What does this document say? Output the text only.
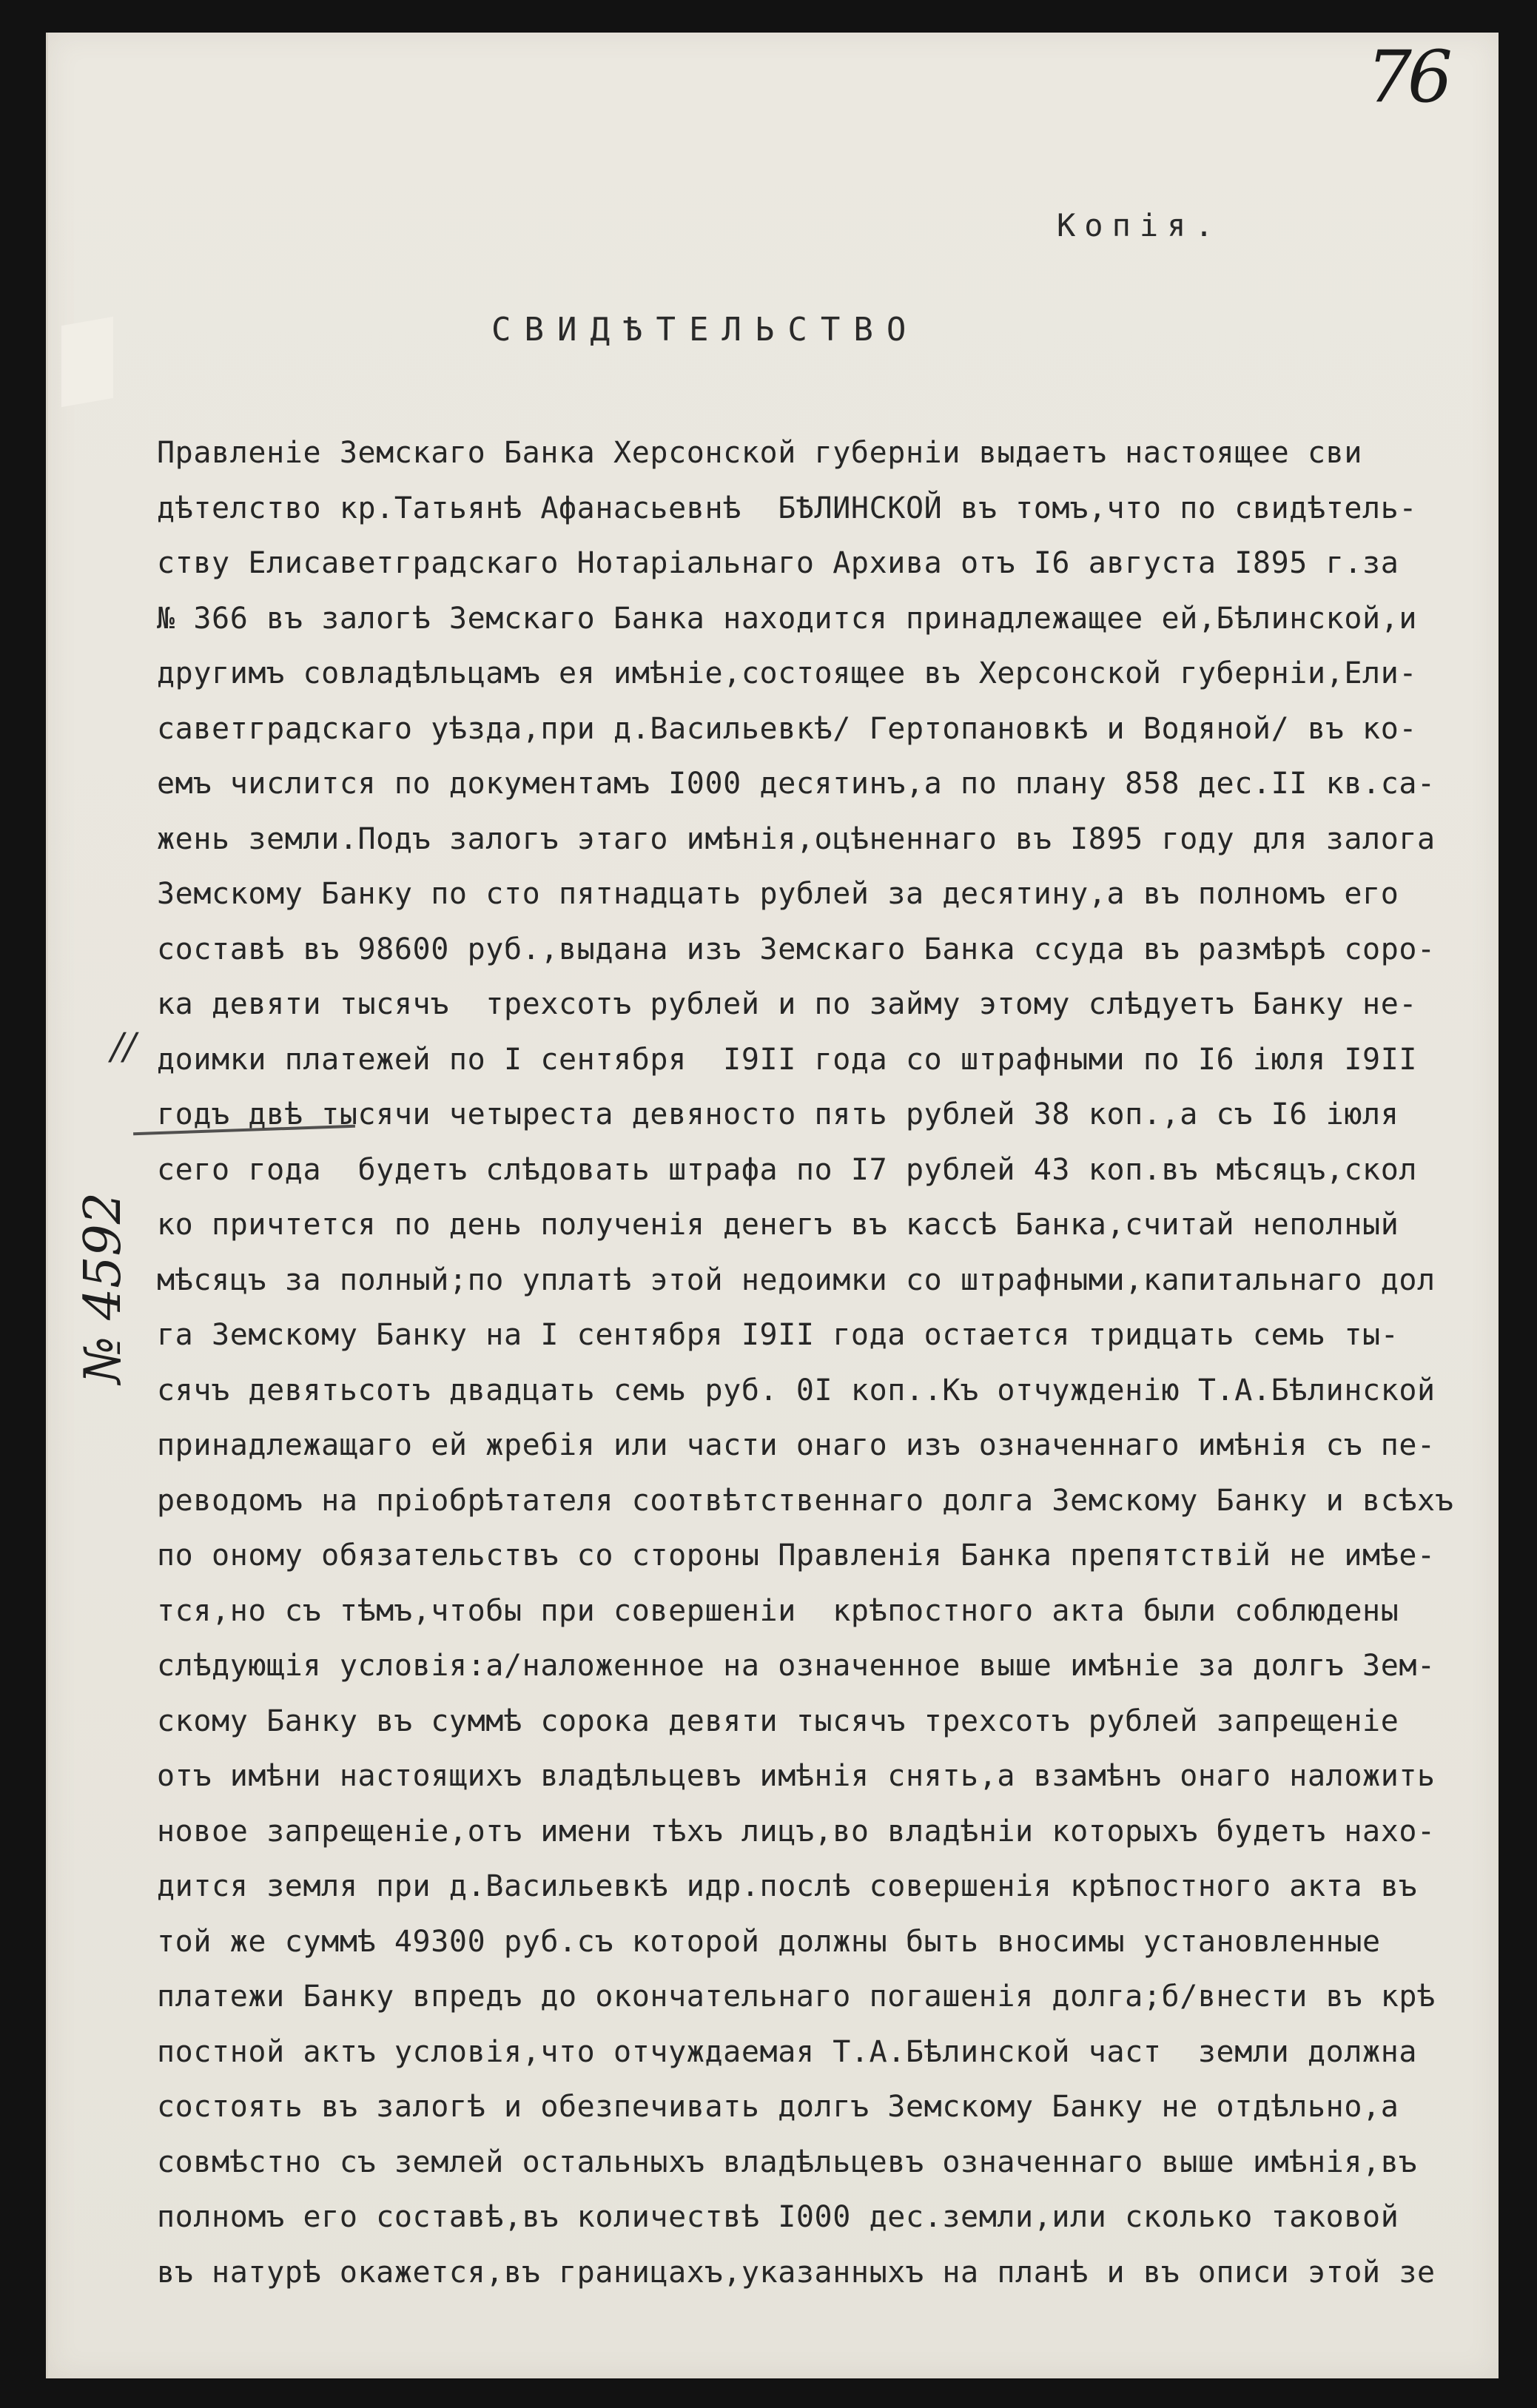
76
Копія.
СВИДѢТЕЛЬСТВО
//
№ 4592
Правленіе Земскаго Банка Херсонской губерніи выдаетъ настоящее сви
дѣтелство кр.Татьянѣ Афанасьевнѣ  БѢЛИНСКОЙ въ томъ,что по свидѣтель-
ству Елисаветградскаго Нотаріальнаго Архива отъ I6 августа I895 г.за
№ 366 въ залогѣ Земскаго Банка находится принадлежащее ей,Бѣлинской,и
другимъ совладѣльцамъ ея имѣніе,состоящее въ Херсонской губерніи,Ели-
саветградскаго уѣзда,при д.Васильевкѣ/ Гертопановкѣ и Водяной/ въ ко-
емъ числится по документамъ I000 десятинъ,а по плану 858 дес.II кв.са-
жень земли.Подъ залогъ этаго имѣнія,оцѣненнаго въ I895 году для залога
Земскому Банку по сто пятнадцать рублей за десятину,а въ полномъ его
составѣ въ 98600 руб.,выдана изъ Земскаго Банка ссуда въ размѣрѣ соро-
ка девяти тысячъ  трехсотъ рублей и по займу этому слѣдуетъ Банку не-
доимки платежей по I сентября  I9II года со штрафными по I6 іюля I9II
годъ двѣ тысячи четыреста девяносто пять рублей 38 коп.,а съ I6 іюля
сего года  будетъ слѣдовать штрафа по I7 рублей 43 коп.въ мѣсяцъ,скол
ко причтется по день полученія денегъ въ кассѣ Банка,считай неполный
мѣсяцъ за полный;по уплатѣ этой недоимки со штрафными,капитальнаго дол
га Земскому Банку на I сентября I9II года остается тридцать семь ты-
сячъ девятьсотъ двадцать семь руб. 0I коп..Къ отчужденію Т.А.Бѣлинской
принадлежащаго ей жребія или части онаго изъ означеннаго имѣнія съ пе-
реводомъ на пріобрѣтателя соотвѣтственнаго долга Земскому Банку и всѣхъ
по оному обязательствъ со стороны Правленія Банка препятствій не имѣе-
тся,но съ тѣмъ,чтобы при совершеніи  крѣпостного акта были соблюдены
слѣдующія условія:а/наложенное на означенное выше имѣніе за долгъ Зем-
скому Банку въ суммѣ сорока девяти тысячъ трехсотъ рублей запрещеніе
отъ имѣни настоящихъ владѣльцевъ имѣнія снять,а взамѣнъ онаго наложить
новое запрещеніе,отъ имени тѣхъ лицъ,во владѣніи которыхъ будетъ нахо-
дится земля при д.Васильевкѣ идр.послѣ совершенія крѣпостного акта въ
той же суммѣ 49300 руб.съ которой должны быть вносимы установленные
платежи Банку впредъ до окончательнаго погашенія долга;б/внести въ крѣ
постной актъ условія,что отчуждаемая Т.А.Бѣлинской част  земли должна
состоять въ залогѣ и обезпечивать долгъ Земскому Банку не отдѣльно,а
совмѣстно съ землей остальныхъ владѣльцевъ означеннаго выше имѣнія,въ
полномъ его составѣ,въ количествѣ I000 дес.земли,или сколько таковой
въ натурѣ окажется,въ границахъ,указанныхъ на планѣ и въ описи этой зе
